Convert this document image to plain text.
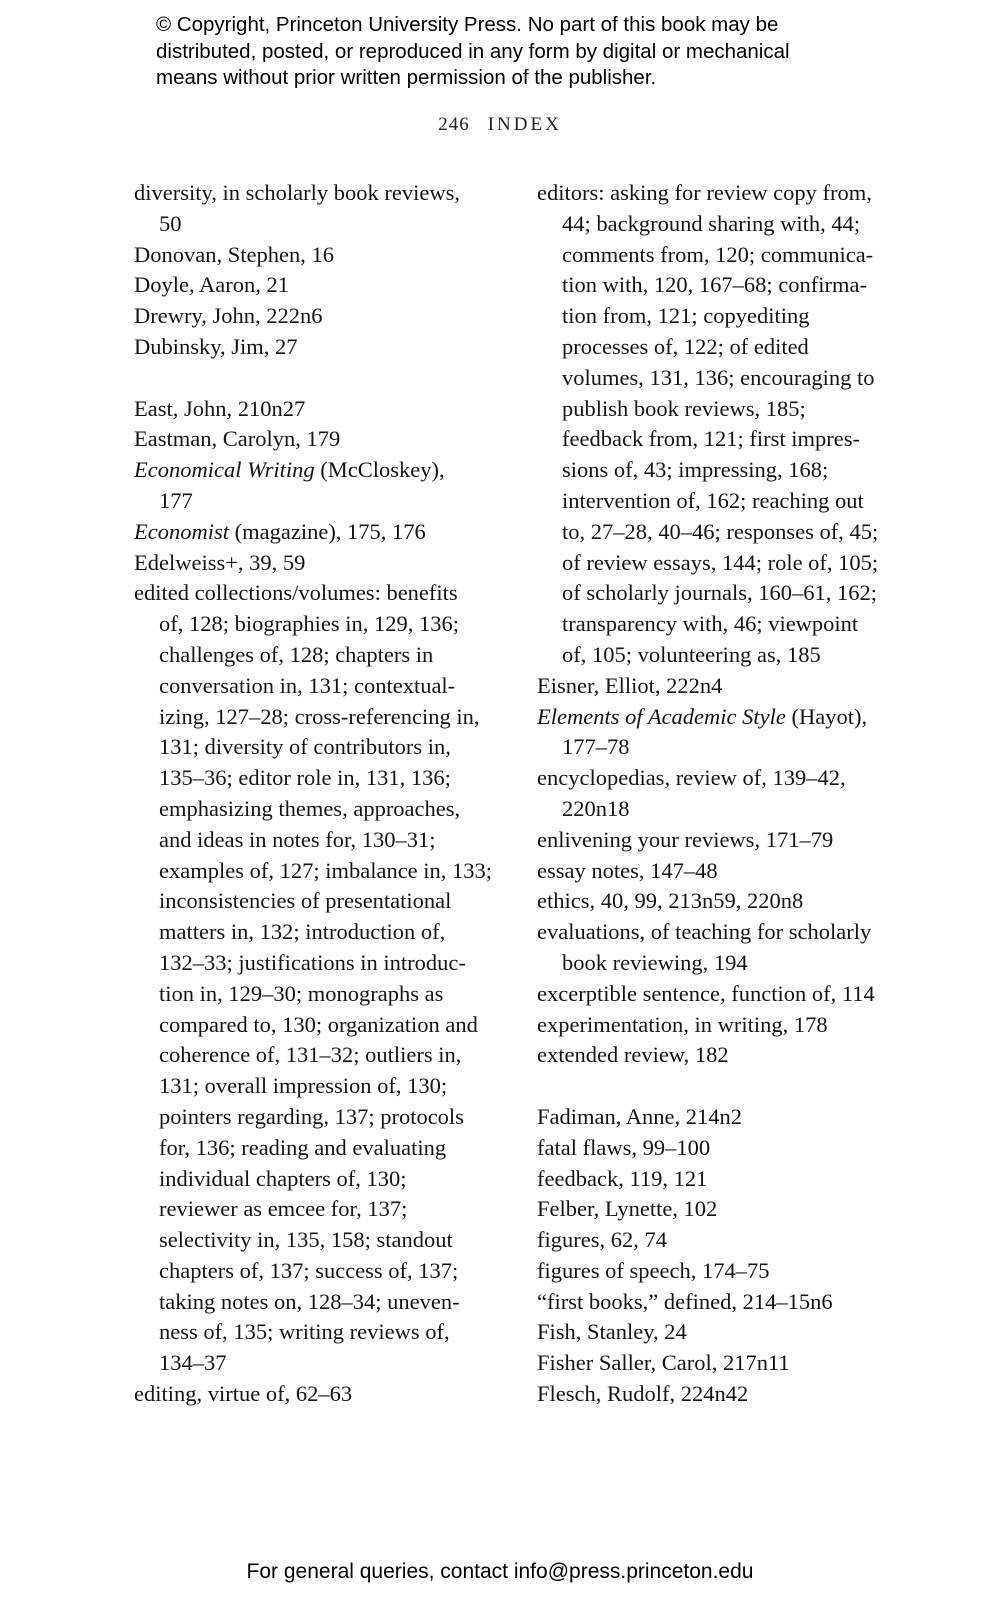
© Copyright, Princeton University Press. No part of this book may be
distributed, posted, or reproduced in any form by digital or mechanical
means without prior written permission of the publisher.
246 INDEX
diversity, in scholarly book reviews,
50
Donovan, Stephen, 16
Doyle, Aaron, 21
Drewry, John, 222n6
Dubinsky, Jim, 27
East, John, 210n27
Eastman, Carolyn, 179
Economical Writing (McCloskey),
177
Economist (magazine), 175, 176
Edelweiss+, 39, 59
edited collections/volumes: benefits
of, 128; biographies in, 129, 136;
challenges of, 128; chapters in
conversation in, 131; contextual-
izing, 127–28; cross-referencing in,
131; diversity of contributors in,
135–36; editor role in, 131, 136;
emphasizing themes, approaches,
and ideas in notes for, 130–31;
examples of, 127; imbalance in, 133;
inconsistencies of presentational
matters in, 132; introduction of,
132–33; justifications in introduc-
tion in, 129–30; monographs as
compared to, 130; organization and
coherence of, 131–32; outliers in,
131; overall impression of, 130;
pointers regarding, 137; protocols
for, 136; reading and evaluating
individual chapters of, 130;
reviewer as emcee for, 137;
selectivity in, 135, 158; standout
chapters of, 137; success of, 137;
taking notes on, 128–34; uneven-
ness of, 135; writing reviews of,
134–37
editing, virtue of, 62–63
editors: asking for review copy from,
44; background sharing with, 44;
comments from, 120; communica-
tion with, 120, 167–68; confirma-
tion from, 121; copyediting
processes of, 122; of edited
volumes, 131, 136; encouraging to
publish book reviews, 185;
feedback from, 121; first impres-
sions of, 43; impressing, 168;
intervention of, 162; reaching out
to, 27–28, 40–46; responses of, 45;
of review essays, 144; role of, 105;
of scholarly journals, 160–61, 162;
transparency with, 46; viewpoint
of, 105; volunteering as, 185
Eisner, Elliot, 222n4
Elements of Academic Style (Hayot),
177–78
encyclopedias, review of, 139–42,
220n18
enlivening your reviews, 171–79
essay notes, 147–48
ethics, 40, 99, 213n59, 220n8
evaluations, of teaching for scholarly
book reviewing, 194
excerptible sentence, function of, 114
experimentation, in writing, 178
extended review, 182
Fadiman, Anne, 214n2
fatal flaws, 99–100
feedback, 119, 121
Felber, Lynette, 102
figures, 62, 74
figures of speech, 174–75
“first books,” defined, 214–15n6
Fish, Stanley, 24
Fisher Saller, Carol, 217n11
Flesch, Rudolf, 224n42
For general queries, contact info@press.princeton.edu
